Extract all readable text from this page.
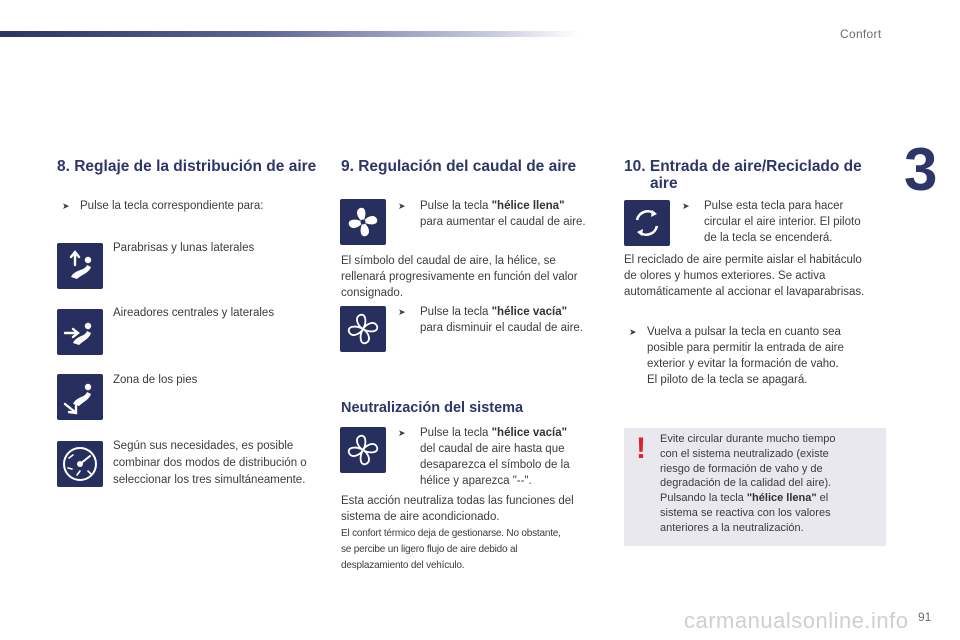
Confort
3
8. Reglaje de la distribución de aire
➤ Pulse la tecla correspondiente para:
Parabrisas y lunas laterales
Aireadores centrales y laterales
Zona de los pies
Según sus necesidades, es posible
combinar dos modos de distribución o
seleccionar los tres simultáneamente.
9. Regulación del caudal de aire
➤ Pulse la tecla "hélice llena"
para aumentar el caudal de aire.
El símbolo del caudal de aire, la hélice, se
rellenará progresivamente en función del valor
consignado.
➤ Pulse la tecla "hélice vacía"
para disminuir el caudal de aire.
Neutralización del sistema
➤ Pulse la tecla "hélice vacía"
del caudal de aire hasta que
desaparezca el símbolo de la
hélice y aparezca "--".
Esta acción neutraliza todas las funciones del
sistema de aire acondicionado.
El confort térmico deja de gestionarse. No obstante,
se percibe un ligero flujo de aire debido al
desplazamiento del vehículo.
10. Entrada de aire/Reciclado de
aire
➤ Pulse esta tecla para hacer
circular el aire interior. El piloto
de la tecla se encenderá.
El reciclado de aire permite aislar el habitáculo
de olores y humos exteriores. Se activa
automáticamente al accionar el lavaparabrisas.
➤ Vuelva a pulsar la tecla en cuanto sea
posible para permitir la entrada de aire
exterior y evitar la formación de vaho.
El piloto de la tecla se apagará.
! Evite circular durante mucho tiempo
con el sistema neutralizado (existe
riesgo de formación de vaho y de
degradación de la calidad del aire).
Pulsando la tecla "hélice llena" el
sistema se reactiva con los valores
anteriores a la neutralización.
carmanualsonline.info 91
